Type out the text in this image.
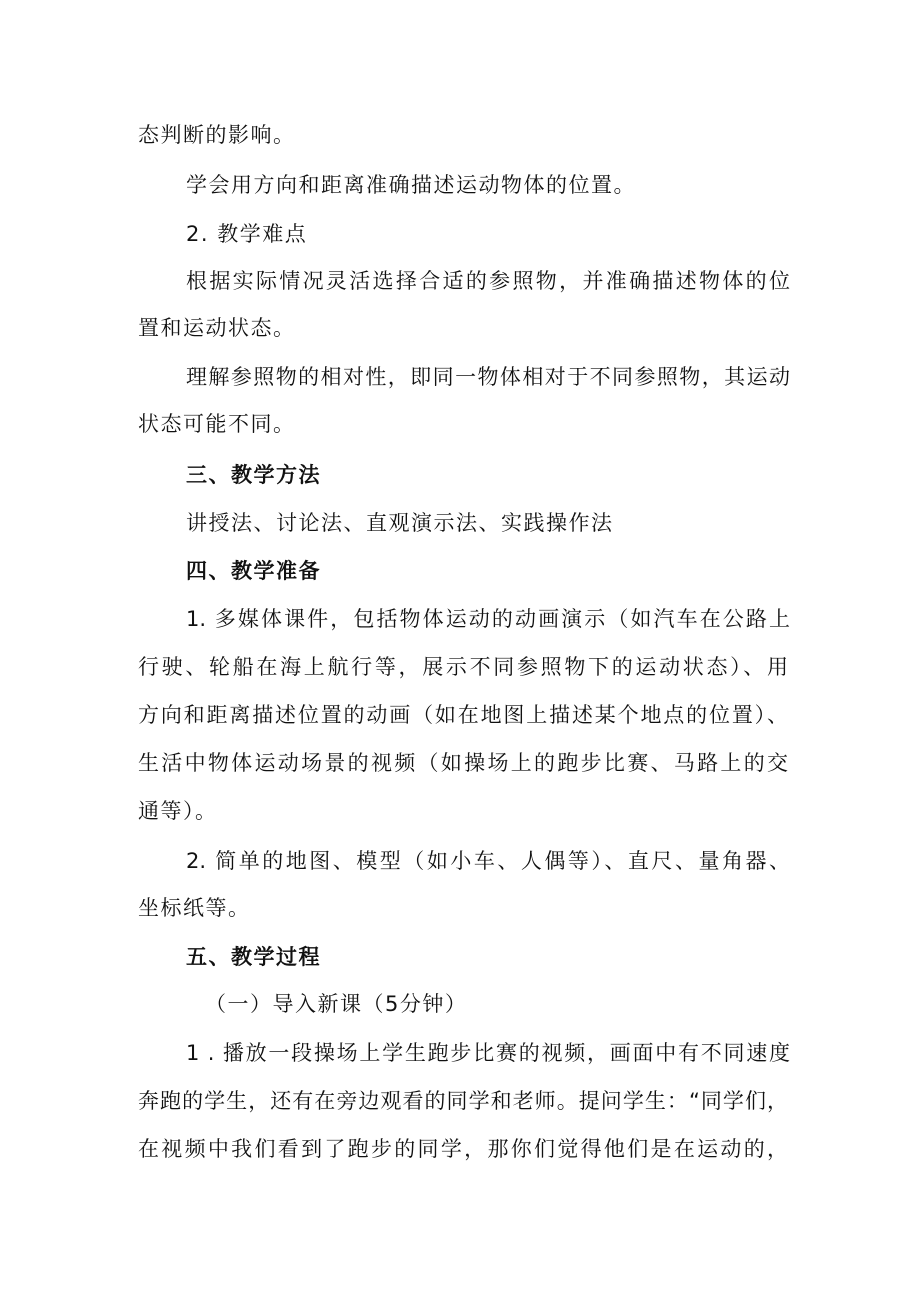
态判断的影响。
学会用方向和距离准确描述运动物体的位置。
2. 教学难点
根据实际情况灵活选择合适的参照物，并准确描述物体的位
置和运动状态。
理解参照物的相对性，即同一物体相对于不同参照物，其运动
状态可能不同。
三、教学方法
讲授法、讨论法、直观演示法、实践操作法
四、教学准备
1. 多媒体课件，包括物体运动的动画演示（如汽车在公路上
行驶、轮船在海上航行等，展示不同参照物下的运动状态）、用
方向和距离描述位置的动画（如在地图上描述某个地点的位置）、
生活中物体运动场景的视频（如操场上的跑步比赛、马路上的交
通等）。
2. 简单的地图、模型（如小车、人偶等）、直尺、量角器、
坐标纸等。
五、教学过程
（一）导入新课（5分钟）
1 . 播放一段操场上学生跑步比赛的视频，画面中有不同速度
奔跑的学生，还有在旁边观看的同学和老师。提问学生：“同学们，
在视频中我们看到了跑步的同学，那你们觉得他们是在运动的，
